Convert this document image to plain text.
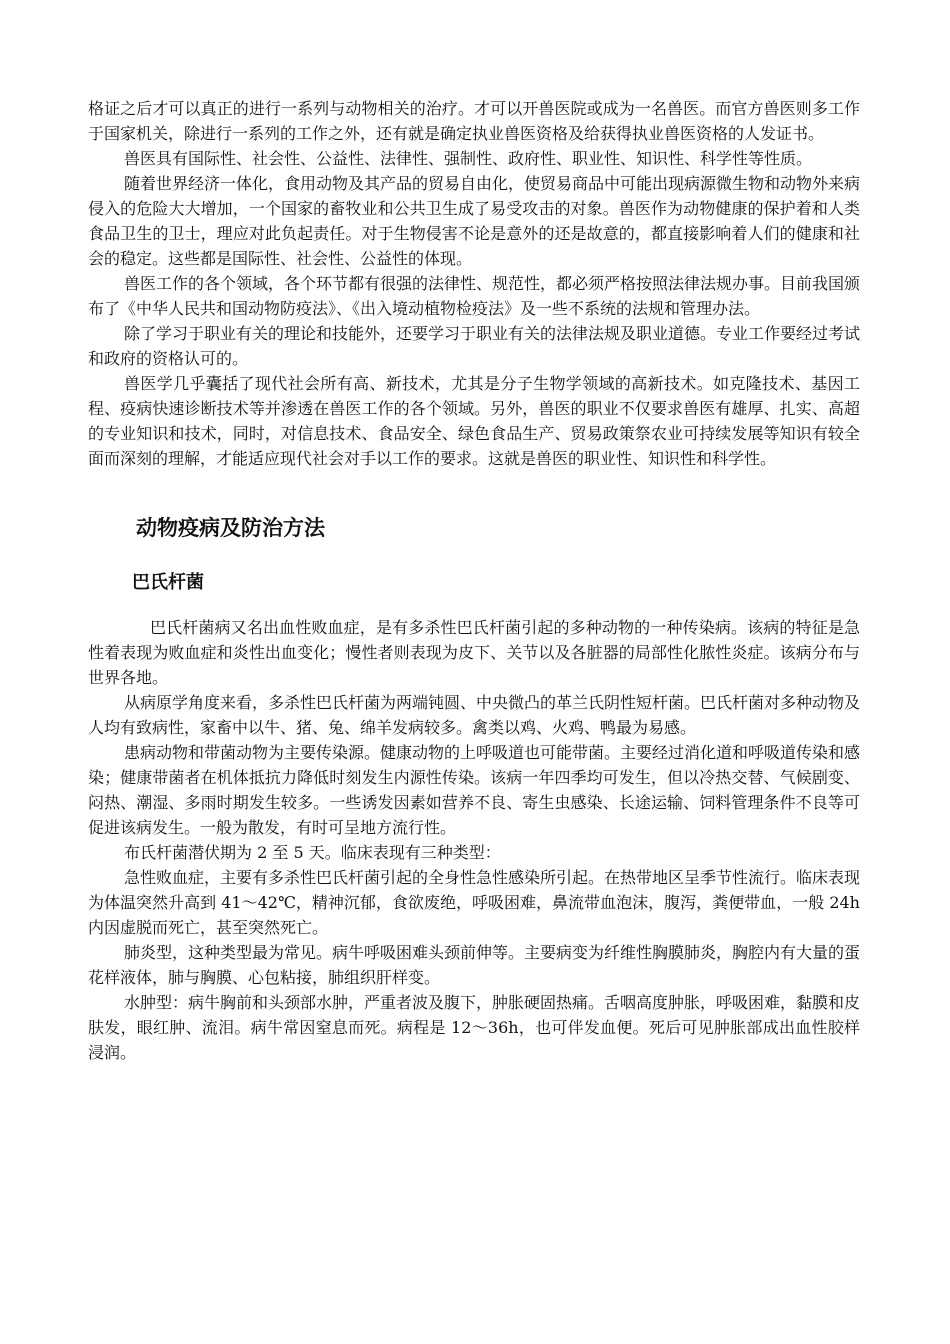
格证之后才可以真正的进行一系列与动物相关的治疗。才可以开兽医院或成为一名兽医。而官方兽医则多工作于国家机关，除进行一系列的工作之外，还有就是确定执业兽医资格及给获得执业兽医资格的人发证书。

兽医具有国际性、社会性、公益性、法律性、强制性、政府性、职业性、知识性、科学性等性质。

随着世界经济一体化，食用动物及其产品的贸易自由化，使贸易商品中可能出现病源微生物和动物外来病侵入的危险大大增加，一个国家的畜牧业和公共卫生成了易受攻击的对象。兽医作为动物健康的保护着和人类食品卫生的卫士，理应对此负起责任。对于生物侵害不论是意外的还是故意的，都直接影响着人们的健康和社会的稳定。这些都是国际性、社会性、公益性的体现。

兽医工作的各个领域，各个环节都有很强的法律性、规范性，都必须严格按照法律法规办事。目前我国颁布了《中华人民共和国动物防疫法》、《出入境动植物检疫法》及一些不系统的法规和管理办法。

除了学习于职业有关的理论和技能外，还要学习于职业有关的法律法规及职业道德。专业工作要经过考试和政府的资格认可的。

兽医学几乎囊括了现代社会所有高、新技术，尤其是分子生物学领域的高新技术。如克隆技术、基因工程、疫病快速诊断技术等并渗透在兽医工作的各个领域。另外，兽医的职业不仅要求兽医有雄厚、扎实、高超的专业知识和技术，同时，对信息技术、食品安全、绿色食品生产、贸易政策祭农业可持续发展等知识有较全面而深刻的理解，才能适应现代社会对手以工作的要求。这就是兽医的职业性、知识性和科学性。

动物疫病及防治方法
巴氏杆菌

巴氏杆菌病又名出血性败血症，是有多杀性巴氏杆菌引起的多种动物的一种传染病。该病的特征是急性着表现为败血症和炎性出血变化；慢性者则表现为皮下、关节以及各脏器的局部性化脓性炎症。该病分布与世界各地。

从病原学角度来看，多杀性巴氏杆菌为两端钝圆、中央微凸的革兰氏阴性短杆菌。巴氏杆菌对多种动物及人均有致病性，家畜中以牛、猪、兔、绵羊发病较多。禽类以鸡、火鸡、鸭最为易感。

患病动物和带菌动物为主要传染源。健康动物的上呼吸道也可能带菌。主要经过消化道和呼吸道传染和感染；健康带菌者在机体抵抗力降低时刻发生内源性传染。该病一年四季均可发生，但以冷热交替、气候剧变、闷热、潮湿、多雨时期发生较多。一些诱发因素如营养不良、寄生虫感染、长途运输、饲料管理条件不良等可促进该病发生。一般为散发，有时可呈地方流行性。

布氏杆菌潜伏期为 2 至 5 天。临床表现有三种类型：

急性败血症，主要有多杀性巴氏杆菌引起的全身性急性感染所引起。在热带地区呈季节性流行。临床表现为体温突然升高到 41～42℃，精神沉郁，食欲废绝，呼吸困难，鼻流带血泡沫，腹泻，粪便带血，一般 24h 内因虚脱而死亡，甚至突然死亡。

肺炎型，这种类型最为常见。病牛呼吸困难头颈前伸等。主要病变为纤维性胸膜肺炎，胸腔内有大量的蛋花样液体，肺与胸膜、心包粘接，肺组织肝样变。

水肿型：病牛胸前和头颈部水肿，严重者波及腹下，肿胀硬固热痛。舌咽高度肿胀，呼吸困难，黏膜和皮肤发，眼红肿、流泪。病牛常因窒息而死。病程是 12～36h，也可伴发血便。死后可见肿胀部成出血性胶样浸润。
